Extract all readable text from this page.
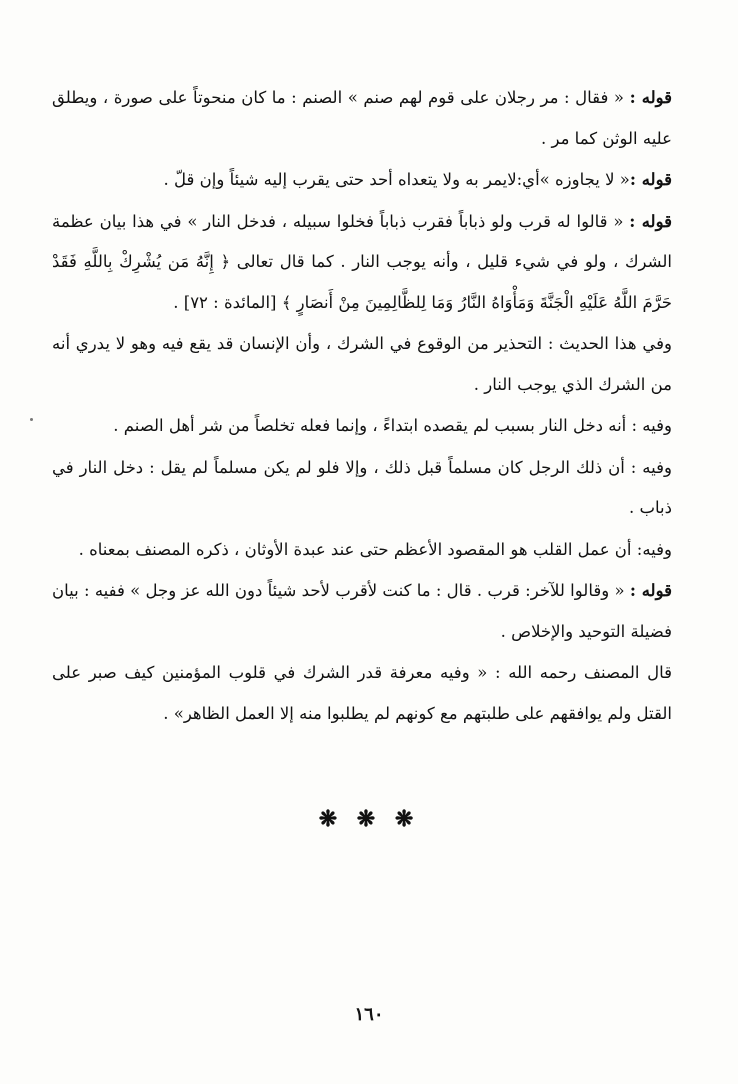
قوله : « فقال : مر رجلان على قوم لهم صنم » الصنم : ما كان منحوتاً على صورة ، ويطلق عليه الوثن كما مر .

قوله :« لا يجاوزه »أي:لايمر به ولا يتعداه أحد حتى يقرب إليه شيئاً وإن قلّ .

قوله : « قالوا له قرب ولو ذباباً فقرب ذباباً فخلوا سبيله ، فدخل النار » في هذا بيان عظمة الشرك ، ولو في شيء قليل ، وأنه يوجب النار . كما قال تعالى ﴿ إِنَّهُ مَن يُشْرِكْ بِاللَّهِ فَقَدْ حَرَّمَ اللَّهُ عَلَيْهِ الْجَنَّةَ وَمَأْوَاهُ النَّارُ وَمَا لِلظَّالِمِينَ مِنْ أَنصَارٍ ﴾ [المائدة : ٧٢] .

وفي هذا الحديث : التحذير من الوقوع في الشرك ، وأن الإنسان قد يقع فيه وهو لا يدري أنه من الشرك الذي يوجب النار .

وفيه : أنه دخل النار بسبب لم يقصده ابتداءً ، وإنما فعله تخلصاً من شر أهل الصنم .

وفيه : أن ذلك الرجل كان مسلماً قبل ذلك ، وإلا فلو لم يكن مسلماً لم يقل : دخل النار في ذباب .

وفيه: أن عمل القلب هو المقصود الأعظم حتى عند عبدة الأوثان ، ذكره المصنف بمعناه .

قوله : « وقالوا للآخر: قرب . قال : ما كنت لأقرب لأحد شيئاً دون الله عز وجل » ففيه : بيان فضيلة التوحيد والإخلاص .

قال المصنف رحمه الله : « وفيه معرفة قدر الشرك في قلوب المؤمنين كيف صبر على القتل ولم يوافقهم على طلبتهم مع كونهم لم يطلبوا منه إلا العمل الظاهر» .

❋ ❋ ❋
١٦٠
